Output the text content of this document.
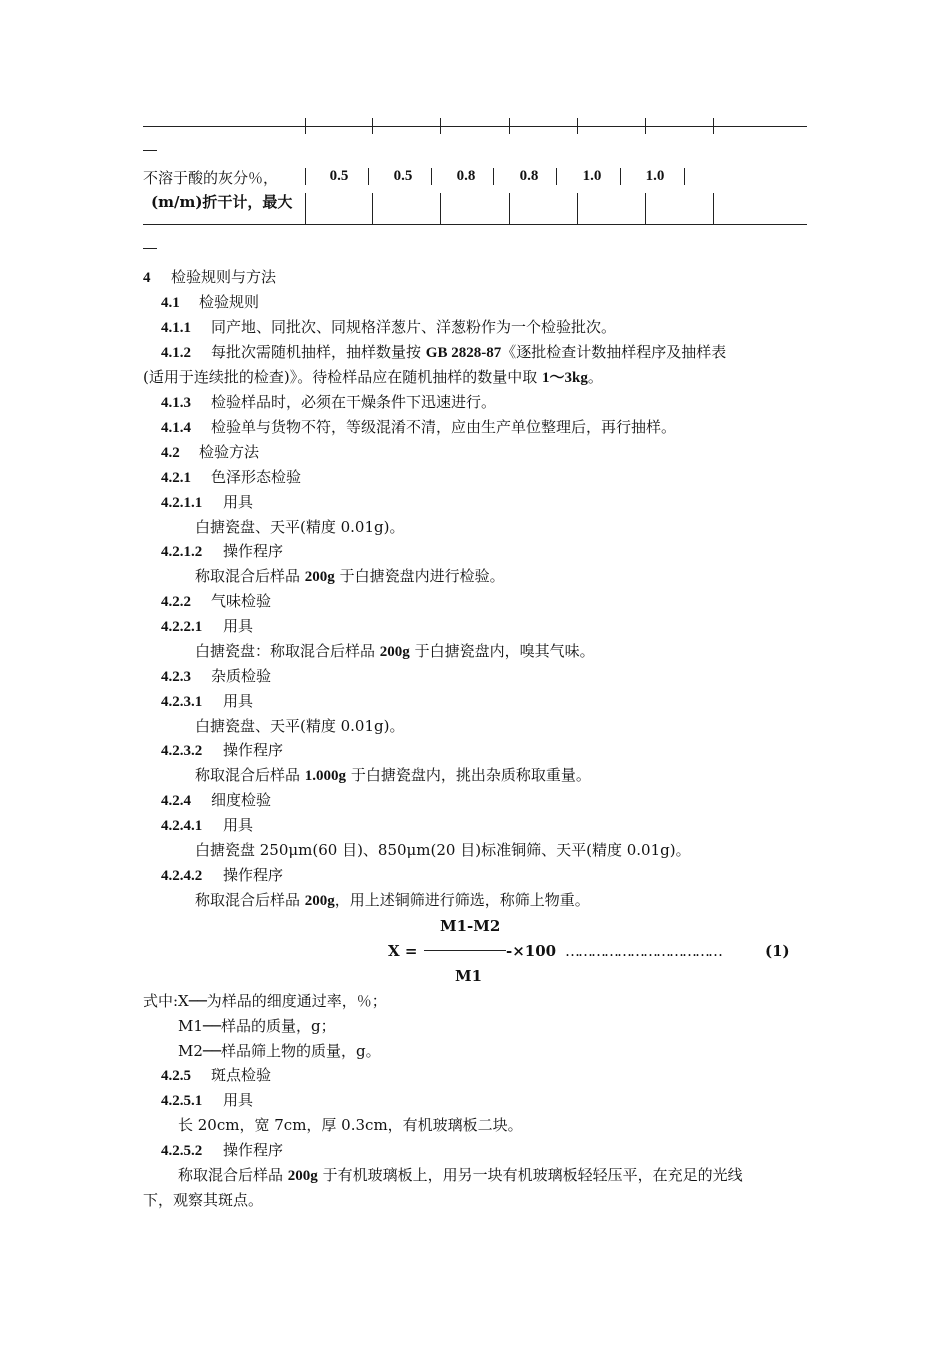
不溶于酸的灰分％，
(m/m)折干计，最大
0.5	0.5	0.8	0.8	1.0	1.0
4 检验规则与方法
4.1 检验规则
4.1.1 同产地、同批次、同规格洋葱片、洋葱粉作为一个检验批次。
4.1.2 每批次需随机抽样，抽样数量按 GB 2828-87《逐批检查计数抽样程序及抽样表
(适用于连续批的检查)》。待检样品应在随机抽样的数量中取 1～3kg。
4.1.3 检验样品时，必须在干燥条件下迅速进行。
4.1.4 检验单与货物不符，等级混淆不清，应由生产单位整理后，再行抽样。
4.2 检验方法
4.2.1 色泽形态检验
4.2.1.1 用具
白搪瓷盘、天平(精度 0.01g)。
4.2.1.2 操作程序
称取混合后样品 200g 于白搪瓷盘内进行检验。
4.2.2 气味检验
4.2.2.1 用具
白搪瓷盘：称取混合后样品 200g 于白搪瓷盘内，嗅其气味。
4.2.3 杂质检验
4.2.3.1 用具
白搪瓷盘、天平(精度 0.01g)。
4.2.3.2 操作程序
称取混合后样品 1.000g 于白搪瓷盘内，挑出杂质称取重量。
4.2.4 细度检验
4.2.4.1 用具
白搪瓷盘 250μm(60 目)、850μm(20 目)标准铜筛、天平(精度 0.01g)。
4.2.4.2 操作程序
称取混合后样品 200g，用上述铜筛进行筛选，称筛上物重。
M1-M2
X =	-×100 ………………………………	(1)
M1
式中:X──为样品的细度通过率，％；
M1──样品的质量，g；
M2──样品筛上物的质量，g。
4.2.5 斑点检验
4.2.5.1 用具
长 20cm，宽 7cm，厚 0.3cm，有机玻璃板二块。
4.2.5.2 操作程序
称取混合后样品 200g 于有机玻璃板上，用另一块有机玻璃板轻轻压平，在充足的光线
下，观察其斑点。
